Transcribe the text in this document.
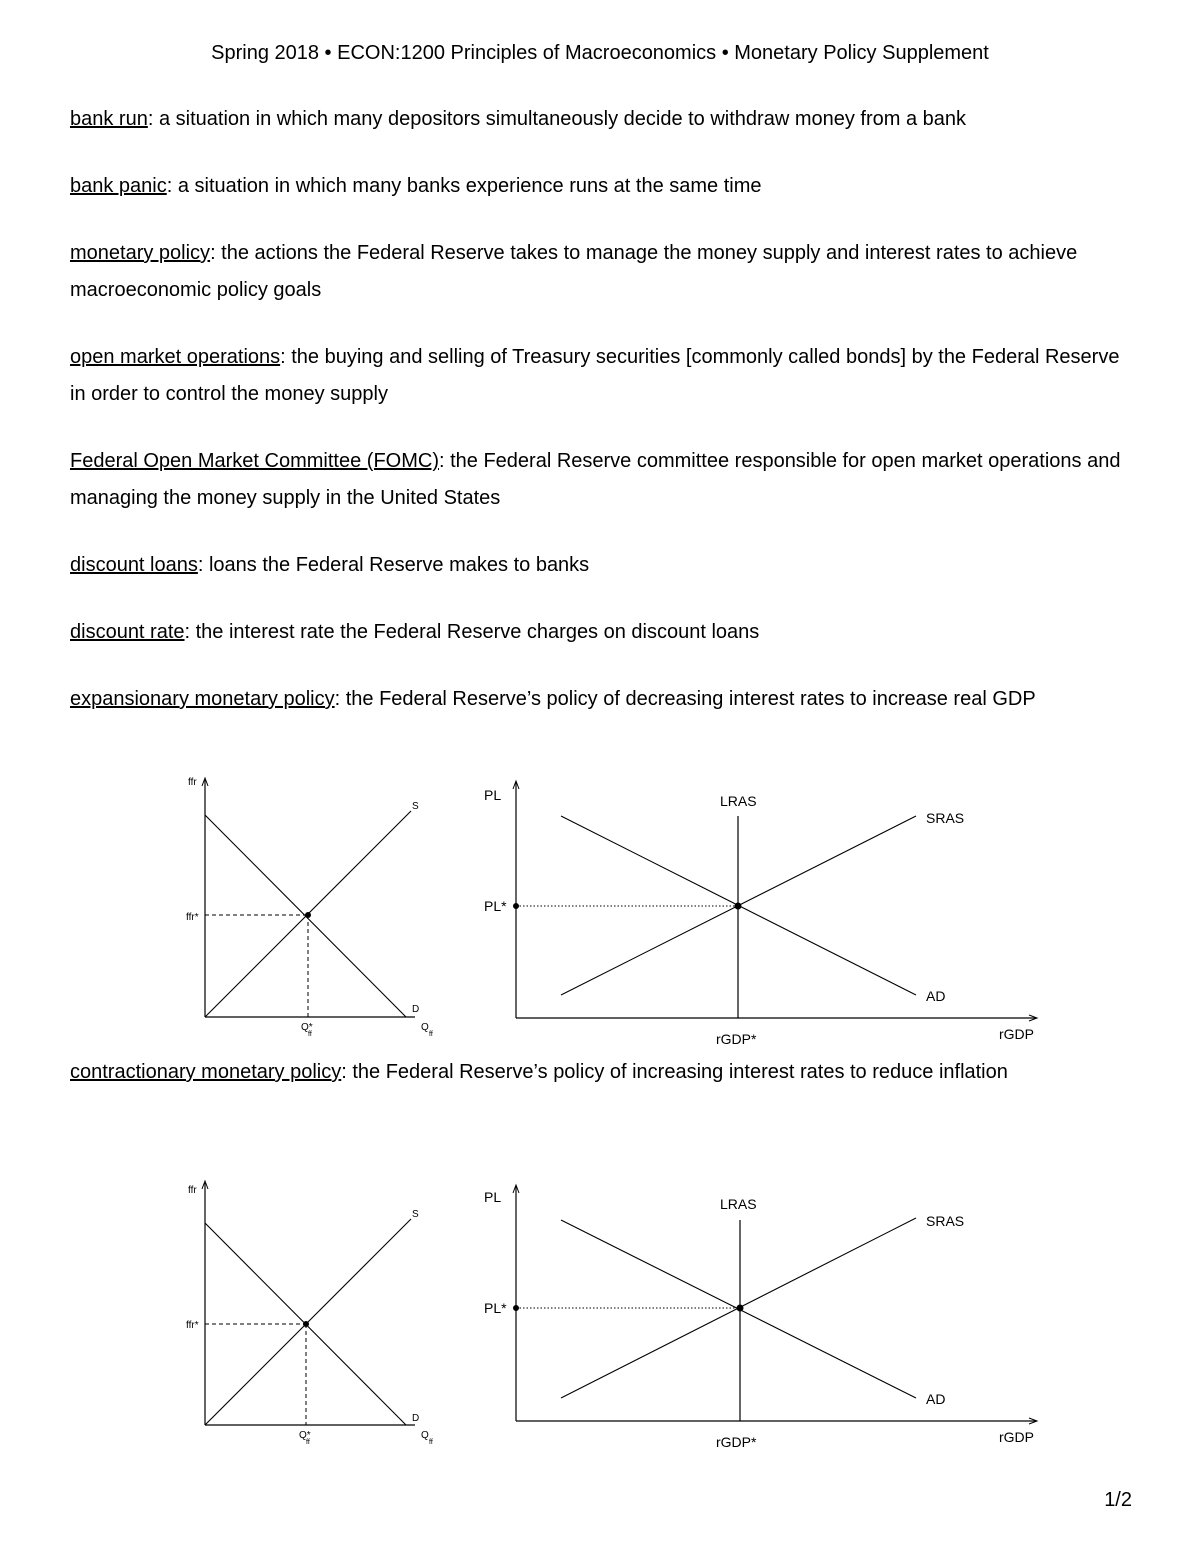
Spring 2018 • ECON:1200 Principles of Macroeconomics • Monetary Policy Supplement

bank run: a situation in which many depositors simultaneously decide to withdraw money from a bank

bank panic: a situation in which many banks experience runs at the same time

monetary policy: the actions the Federal Reserve takes to manage the money supply and interest rates to achieve macroeconomic policy goals

open market operations: the buying and selling of Treasury securities [commonly called bonds] by the Federal Reserve in order to control the money supply

Federal Open Market Committee (FOMC): the Federal Reserve committee responsible for open market operations and managing the money supply in the United States

discount loans: loans the Federal Reserve makes to banks

discount rate: the interest rate the Federal Reserve charges on discount loans

expansionary monetary policy: the Federal Reserve’s policy of decreasing interest rates to increase real GDP

contractionary monetary policy: the Federal Reserve’s policy of increasing interest rates to reduce inflation

ffr
ffr*
S
D
Q*
ff
Q
ff
PL
PL*
LRAS
SRAS
AD
rGDP*	rGDP
ffr
ffr*
S
D
Q*
ff
Q
ff
PL
PL*
LRAS
SRAS
AD
rGDP*	rGDP
1/2
